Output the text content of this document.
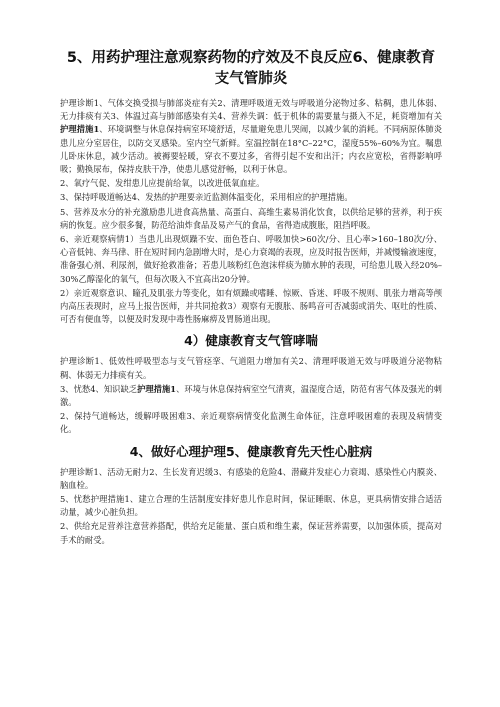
5、用药护理注意观察药物的疗效及不良反应6、健康教育支气管肺炎

护理诊断1、气体交换受损与肺部炎症有关2、清理呼吸道无效与呼吸道分泌物过多、粘稠，患儿体弱、无力排痰有关3、体温过高与肺部感染有关4、营养失调：低于机体的需要量与摄入不足，耗资增加有关护理措施1、环境调整与休息保持病室环境舒适，尽量避免患儿哭闹，以减少氧的消耗。不同病原体肺炎患儿应分室居住，以防交叉感染。室内空气新鲜。室温控制在18°C–22°C，湿度55%–60%为宜。嘱患儿卧床休息，减少活动。被褥要轻暖，穿衣不要过多，省得引起不安和出汗；内衣应宽松，省得影响呼吸；勤换尿布，保持皮肤干净，使患儿感觉舒畅，以利于休息。

2、氧疗气促、发绀患儿应提前给氧，以改进低氧血症。

3、保持呼吸道畅达4、发热的护理要亲近监测体温变化，采用相应的护理措施。

5、营养及水分的补充激励患儿进食高热量、高蛋白、高维生素易消化饮食，以供给足够的营养，利于疾病的恢复。应少很多餐，防范给油炸食品及易产气的食品，省得造成腹胀，阻挡呼吸。

6、亲近观察病情1）当患儿出现烦躁不安、面色苍白、呼吸加快>60次/分、且心率>160–180次/分、心音低钝、奔马律、肝在短时间内急剧增大时，是心力衰竭的表现，应及时报告医师，并减慢输液速度，准备强心剂、利尿剂，做好抢救准备；若患儿咳粉红色泡沫样痰为肺水肿的表现，可给患儿吸入经20%–30%乙醇湿化的氧气，但每次吸入不宜高出20分钟。

2）亲近观察意识、瞳孔及肌张力等变化，如有烦躁或嗜睡、惊厥、昏迷、呼吸不规则、肌张力增高等颅内高压表现时，应马上报告医师，并共同抢救3）观察有无腹胀、肠鸣音可否减弱或消失、呕吐的性质、可否有便血等，以便及时发现中毒性肠麻痹及胃肠道出现。

4）健康教育支气管哮喘

护理诊断1、低效性呼吸型态与支气管痉挛、气道阻力增加有关2、清理呼吸道无效与呼吸道分泌物粘稠、体弱无力排痰有关。

3、忧愁4、知识缺乏护理措施1、环境与休息保持病室空气清爽，温湿度合适，防范有害气体及强光的刺激。

2、保持气道畅达，缓解呼吸困难3、亲近观察病情变化监测生命体征，注意呼吸困难的表现及病情变化。

4、做好心理护理5、健康教育先天性心脏病

护理诊断1、活动无耐力2、生长发育迟缓3、有感染的危险4、潜藏并发症心力衰竭、感染性心内膜炎、脑血栓。

5、忧愁护理措施1、建立合理的生活制度安排好患儿作息时间，保证睡眠、休息，更具病情安排合适活动量，减少心脏负担。

2、供给充足营养注意营养搭配，供给充足能量、蛋白质和维生素，保证营养需要，以加强体质，提高对手术的耐受。
